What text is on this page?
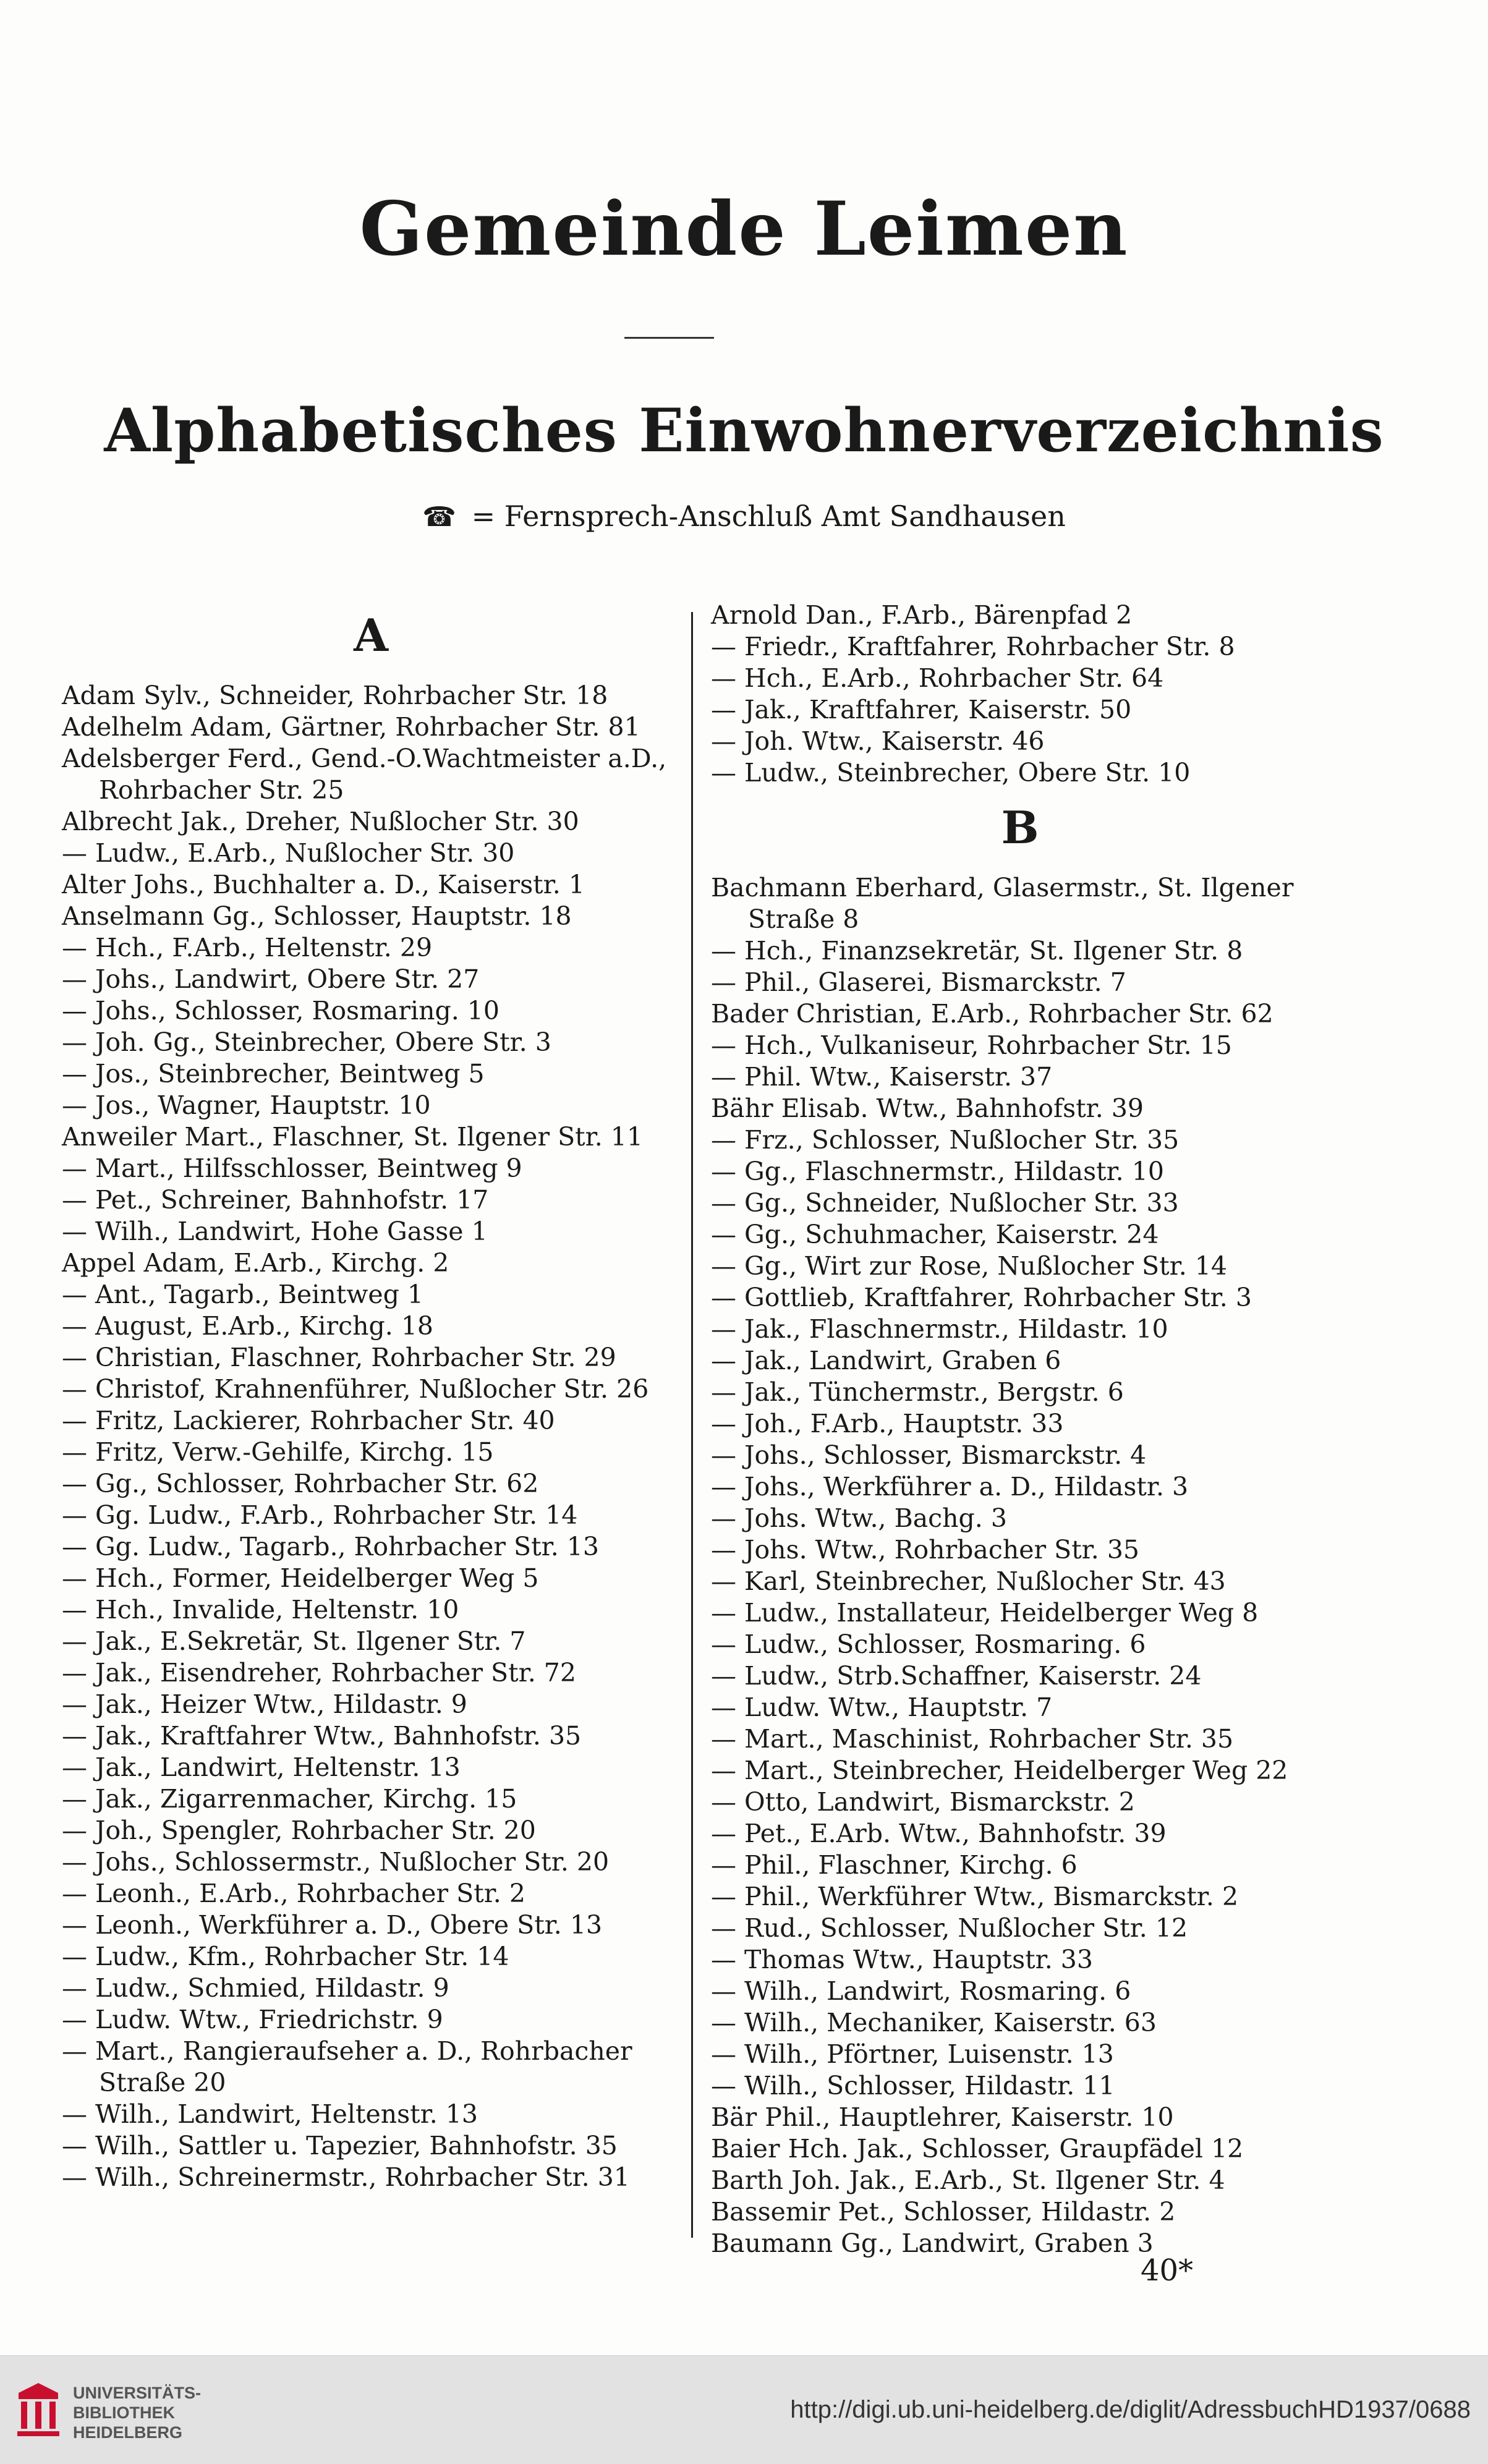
Gemeinde Leimen
Alphabetisches Einwohnerverzeichnis
☎ = Fernsprech-Anschluß Amt Sandhausen
A
Adam Sylv., Schneider, Rohrbacher Str. 18
Adelhelm Adam, Gärtner, Rohrbacher Str. 81
Adelsberger Ferd., Gend.-O.Wachtmeister a.D.,
Rohrbacher Str. 25
Albrecht Jak., Dreher, Nußlocher Str. 30
— Ludw., E.Arb., Nußlocher Str. 30
Alter Johs., Buchhalter a. D., Kaiserstr. 1
Anselmann Gg., Schlosser, Hauptstr. 18
— Hch., F.Arb., Heltenstr. 29
— Johs., Landwirt, Obere Str. 27
— Johs., Schlosser, Rosmaring. 10
— Joh. Gg., Steinbrecher, Obere Str. 3
— Jos., Steinbrecher, Beintweg 5
— Jos., Wagner, Hauptstr. 10
Anweiler Mart., Flaschner, St. Ilgener Str. 11
— Mart., Hilfsschlosser, Beintweg 9
— Pet., Schreiner, Bahnhofstr. 17
— Wilh., Landwirt, Hohe Gasse 1
Appel Adam, E.Arb., Kirchg. 2
— Ant., Tagarb., Beintweg 1
— August, E.Arb., Kirchg. 18
— Christian, Flaschner, Rohrbacher Str. 29
— Christof, Krahnenführer, Nußlocher Str. 26
— Fritz, Lackierer, Rohrbacher Str. 40
— Fritz, Verw.-Gehilfe, Kirchg. 15
— Gg., Schlosser, Rohrbacher Str. 62
— Gg. Ludw., F.Arb., Rohrbacher Str. 14
— Gg. Ludw., Tagarb., Rohrbacher Str. 13
— Hch., Former, Heidelberger Weg 5
— Hch., Invalide, Heltenstr. 10
— Jak., E.Sekretär, St. Ilgener Str. 7
— Jak., Eisendreher, Rohrbacher Str. 72
— Jak., Heizer Wtw., Hildastr. 9
— Jak., Kraftfahrer Wtw., Bahnhofstr. 35
— Jak., Landwirt, Heltenstr. 13
— Jak., Zigarrenmacher, Kirchg. 15
— Joh., Spengler, Rohrbacher Str. 20
— Johs., Schlossermstr., Nußlocher Str. 20
— Leonh., E.Arb., Rohrbacher Str. 2
— Leonh., Werkführer a. D., Obere Str. 13
— Ludw., Kfm., Rohrbacher Str. 14
— Ludw., Schmied, Hildastr. 9
— Ludw. Wtw., Friedrichstr. 9
— Mart., Rangieraufseher a. D., Rohrbacher
Straße 20
— Wilh., Landwirt, Heltenstr. 13
— Wilh., Sattler u. Tapezier, Bahnhofstr. 35
— Wilh., Schreinermstr., Rohrbacher Str. 31
Arnold Dan., F.Arb., Bärenpfad 2
— Friedr., Kraftfahrer, Rohrbacher Str. 8
— Hch., E.Arb., Rohrbacher Str. 64
— Jak., Kraftfahrer, Kaiserstr. 50
— Joh. Wtw., Kaiserstr. 46
— Ludw., Steinbrecher, Obere Str. 10
B
Bachmann Eberhard, Glasermstr., St. Ilgener
Straße 8
— Hch., Finanzsekretär, St. Ilgener Str. 8
— Phil., Glaserei, Bismarckstr. 7
Bader Christian, E.Arb., Rohrbacher Str. 62
— Hch., Vulkaniseur, Rohrbacher Str. 15
— Phil. Wtw., Kaiserstr. 37
Bähr Elisab. Wtw., Bahnhofstr. 39
— Frz., Schlosser, Nußlocher Str. 35
— Gg., Flaschnermstr., Hildastr. 10
— Gg., Schneider, Nußlocher Str. 33
— Gg., Schuhmacher, Kaiserstr. 24
— Gg., Wirt zur Rose, Nußlocher Str. 14
— Gottlieb, Kraftfahrer, Rohrbacher Str. 3
— Jak., Flaschnermstr., Hildastr. 10
— Jak., Landwirt, Graben 6
— Jak., Tünchermstr., Bergstr. 6
— Joh., F.Arb., Hauptstr. 33
— Johs., Schlosser, Bismarckstr. 4
— Johs., Werkführer a. D., Hildastr. 3
— Johs. Wtw., Bachg. 3
— Johs. Wtw., Rohrbacher Str. 35
— Karl, Steinbrecher, Nußlocher Str. 43
— Ludw., Installateur, Heidelberger Weg 8
— Ludw., Schlosser, Rosmaring. 6
— Ludw., Strb.Schaffner, Kaiserstr. 24
— Ludw. Wtw., Hauptstr. 7
— Mart., Maschinist, Rohrbacher Str. 35
— Mart., Steinbrecher, Heidelberger Weg 22
— Otto, Landwirt, Bismarckstr. 2
— Pet., E.Arb. Wtw., Bahnhofstr. 39
— Phil., Flaschner, Kirchg. 6
— Phil., Werkführer Wtw., Bismarckstr. 2
— Rud., Schlosser, Nußlocher Str. 12
— Thomas Wtw., Hauptstr. 33
— Wilh., Landwirt, Rosmaring. 6
— Wilh., Mechaniker, Kaiserstr. 63
— Wilh., Pförtner, Luisenstr. 13
— Wilh., Schlosser, Hildastr. 11
Bär Phil., Hauptlehrer, Kaiserstr. 10
Baier Hch. Jak., Schlosser, Graupfädel 12
Barth Joh. Jak., E.Arb., St. Ilgener Str. 4
Bassemir Pet., Schlosser, Hildastr. 2
Baumann Gg., Landwirt, Graben 3
40*
UNIVERSITÄTS-
BIBLIOTHEK
HEIDELBERG
http://digi.ub.uni-heidelberg.de/diglit/AdressbuchHD1937/0688
